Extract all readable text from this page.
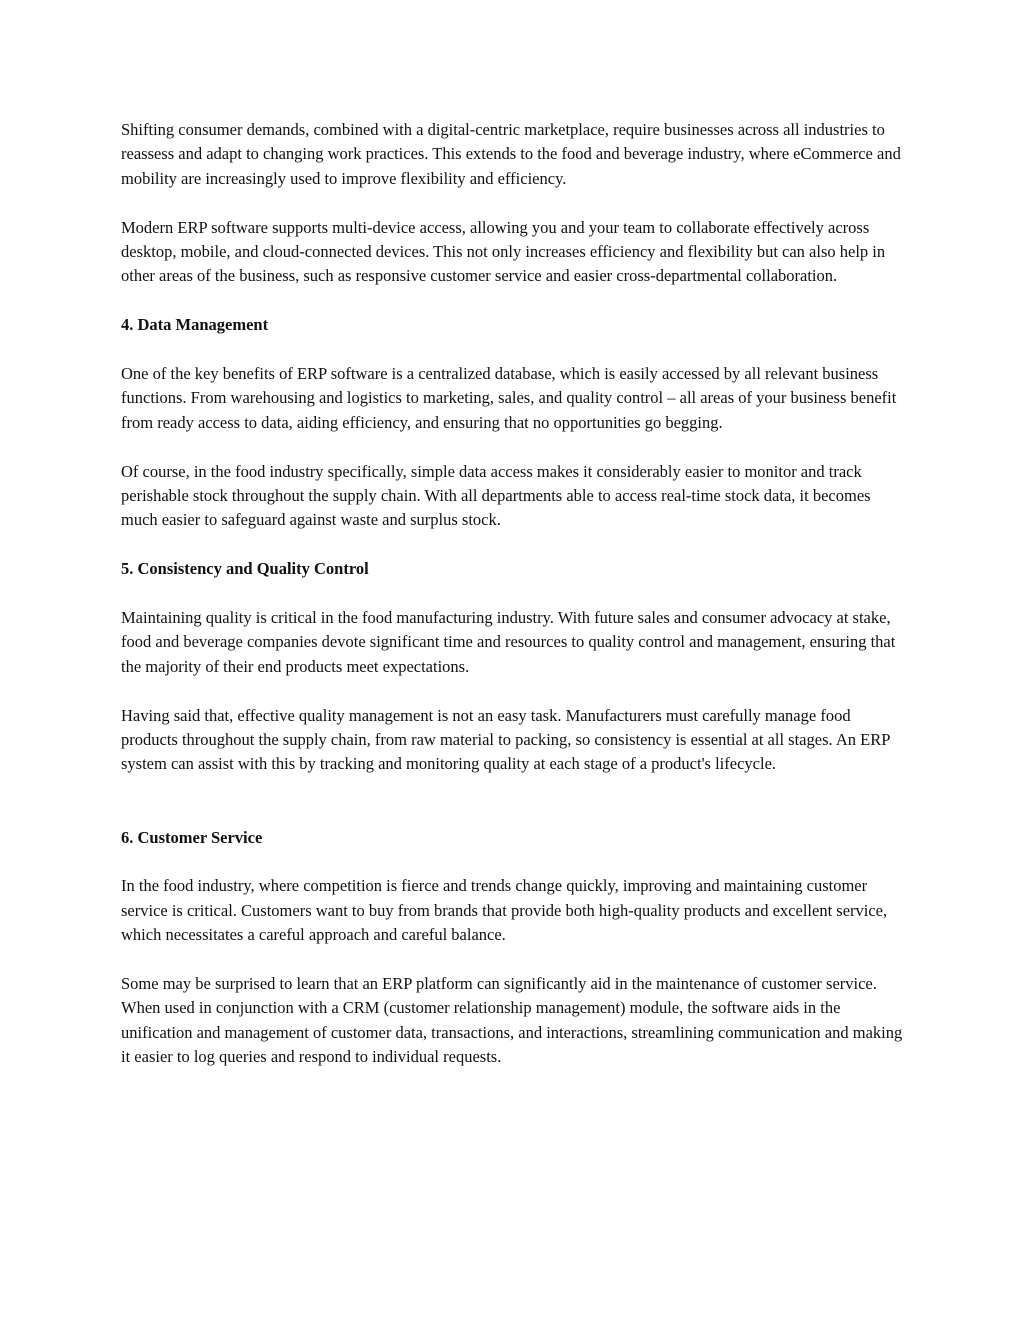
Shifting consumer demands, combined with a digital-centric marketplace, require businesses across all industries to reassess and adapt to changing work practices. This extends to the food and beverage industry, where eCommerce and mobility are increasingly used to improve flexibility and efficiency.

Modern ERP software supports multi-device access, allowing you and your team to collaborate effectively across desktop, mobile, and cloud-connected devices. This not only increases efficiency and flexibility but can also help in other areas of the business, such as responsive customer service and easier cross-departmental collaboration.

4. Data Management

One of the key benefits of ERP software is a centralized database, which is easily accessed by all relevant business functions. From warehousing and logistics to marketing, sales, and quality control – all areas of your business benefit from ready access to data, aiding efficiency, and ensuring that no opportunities go begging.

Of course, in the food industry specifically, simple data access makes it considerably easier to monitor and track perishable stock throughout the supply chain. With all departments able to access real-time stock data, it becomes much easier to safeguard against waste and surplus stock.

5. Consistency and Quality Control

Maintaining quality is critical in the food manufacturing industry. With future sales and consumer advocacy at stake, food and beverage companies devote significant time and resources to quality control and management, ensuring that the majority of their end products meet expectations.

Having said that, effective quality management is not an easy task. Manufacturers must carefully manage food products throughout the supply chain, from raw material to packing, so consistency is essential at all stages. An ERP system can assist with this by tracking and monitoring quality at each stage of a product's lifecycle.

6. Customer Service

In the food industry, where competition is fierce and trends change quickly, improving and maintaining customer service is critical. Customers want to buy from brands that provide both high-quality products and excellent service, which necessitates a careful approach and careful balance.

Some may be surprised to learn that an ERP platform can significantly aid in the maintenance of customer service. When used in conjunction with a CRM (customer relationship management) module, the software aids in the unification and management of customer data, transactions, and interactions, streamlining communication and making it easier to log queries and respond to individual requests.
